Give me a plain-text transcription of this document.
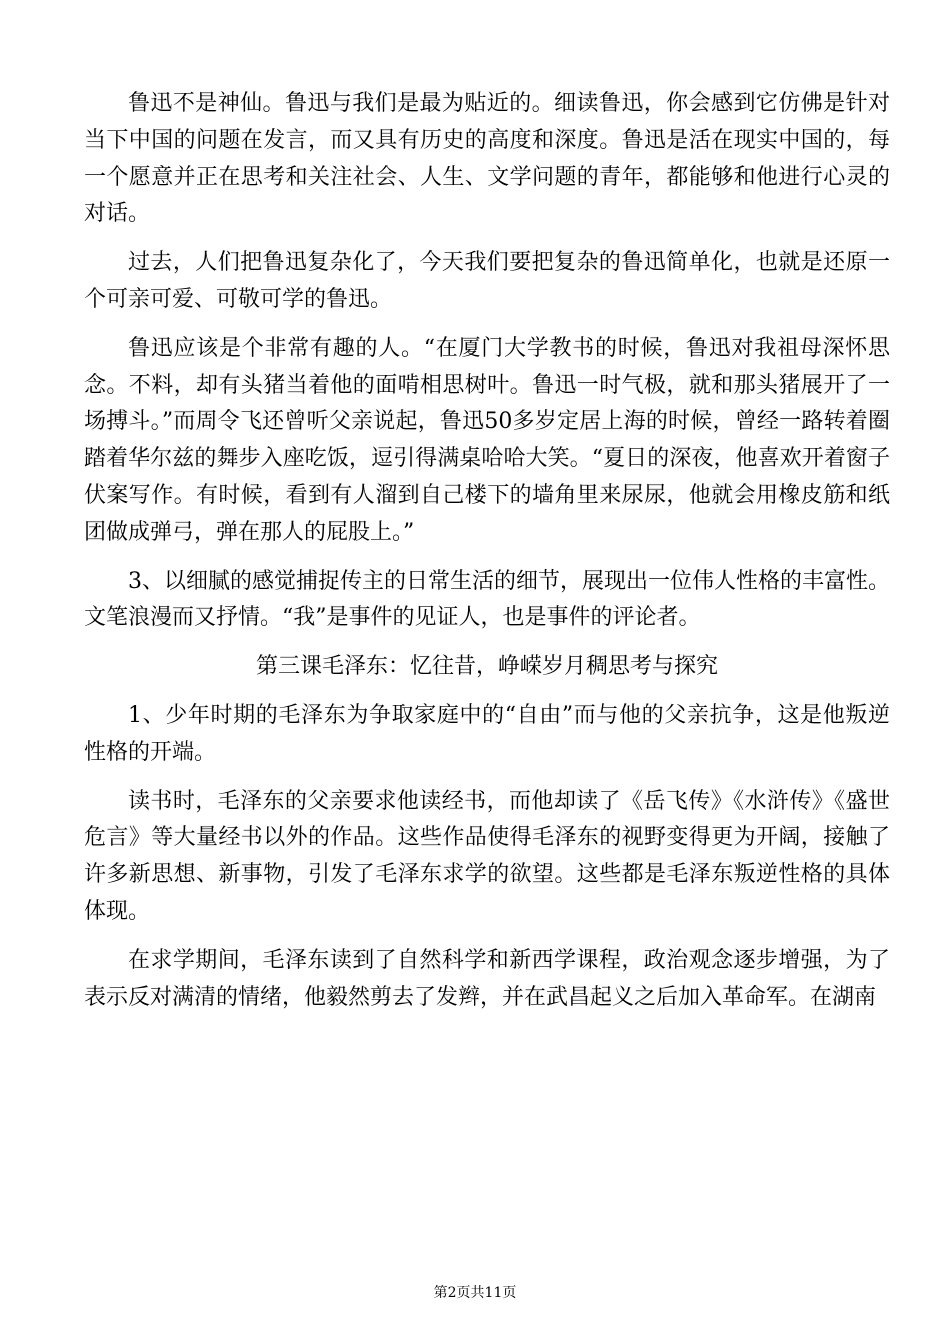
鲁迅不是神仙。鲁迅与我们是最为贴近的。细读鲁迅，你会感到它仿佛是针对当下中国的问题在发言，而又具有历史的高度和深度。鲁迅是活在现实中国的，每一个愿意并正在思考和关注社会、人生、文学问题的青年，都能够和他进行心灵的对话。

过去，人们把鲁迅复杂化了，今天我们要把复杂的鲁迅简单化，也就是还原一个可亲可爱、可敬可学的鲁迅。

鲁迅应该是个非常有趣的人。“在厦门大学教书的时候，鲁迅对我祖母深怀思念。不料，却有头猪当着他的面啃相思树叶。鲁迅一时气极，就和那头猪展开了一场搏斗。”而周令飞还曾听父亲说起，鲁迅50多岁定居上海的时候，曾经一路转着圈踏着华尔兹的舞步入座吃饭，逗引得满桌哈哈大笑。“夏日的深夜，他喜欢开着窗子伏案写作。有时候，看到有人溜到自己楼下的墙角里来尿尿，他就会用橡皮筋和纸团做成弹弓，弹在那人的屁股上。”

3、以细腻的感觉捕捉传主的日常生活的细节，展现出一位伟人性格的丰富性。文笔浪漫而又抒情。“我”是事件的见证人，也是事件的评论者。

第三课毛泽东：忆往昔，峥嵘岁月稠思考与探究

1、少年时期的毛泽东为争取家庭中的“自由”而与他的父亲抗争，这是他叛逆性格的开端。

读书时，毛泽东的父亲要求他读经书，而他却读了《岳飞传》《水浒传》《盛世危言》等大量经书以外的作品。这些作品使得毛泽东的视野变得更为开阔，接触了许多新思想、新事物，引发了毛泽东求学的欲望。这些都是毛泽东叛逆性格的具体体现。

在求学期间，毛泽东读到了自然科学和新西学课程，政治观念逐步增强，为了表示反对满清的情绪，他毅然剪去了发辫，并在武昌起义之后加入革命军。在湖南

第2页共11页
